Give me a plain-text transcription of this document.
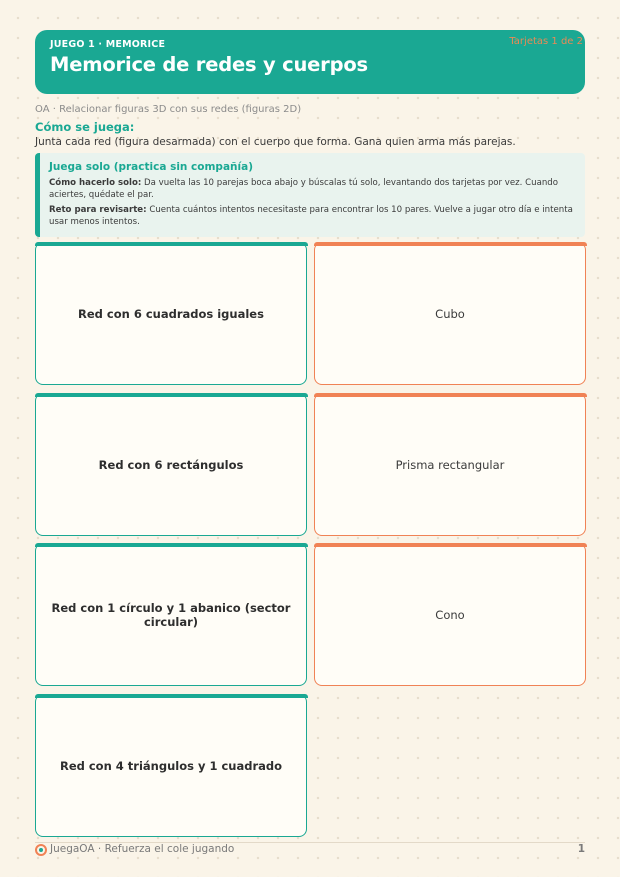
JUEGO 1 · MEMORICE
Memorice de redes y cuerpos
Tarjetas 1 de 2
OA · Relacionar figuras 3D con sus redes (figuras 2D)
Cómo se juega:
Junta cada red (figura desarmada) con el cuerpo que forma. Gana quien arma más parejas.
Juega solo (practica sin compañía)
Cómo hacerlo solo: Da vuelta las 10 parejas boca abajo y búscalas tú solo, levantando dos tarjetas por vez. Cuando aciertes, quédate el par.
Reto para revisarte: Cuenta cuántos intentos necesitaste para encontrar los 10 pares. Vuelve a jugar otro día e intenta usar menos intentos.
Red con 6 cuadrados iguales	Cubo
Red con 6 rectángulos	Prisma rectangular
Red con 1 círculo y 1 abanico (sector circular)	Cono
Red con 4 triángulos y 1 cuadrado
JuegaOA · Refuerza el cole jugando	1
